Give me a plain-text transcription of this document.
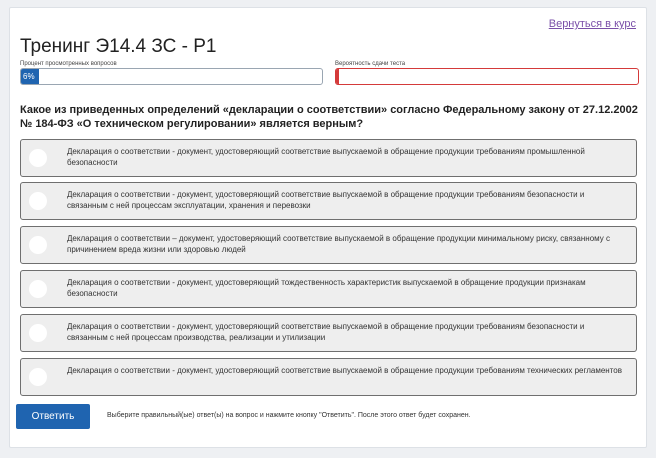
Вернуться в курс
Тренинг Э14.4 ЗС - Р1
Процент просмотренных вопросов
6%
Вероятность сдачи теста
Какое из приведенных определений «декларации о соответствии» согласно Федеральному закону от 27.12.2002 № 184-ФЗ «О техническом регулировании» является верным?
Декларация о соответствии - документ, удостоверяющий соответствие выпускаемой в обращение продукции требованиям промышленной безопасности
Декларация о соответствии - документ, удостоверяющий соответствие выпускаемой в обращение продукции требованиям безопасности и связанным с ней процессам эксплуатации, хранения и перевозки
Декларация о соответствии – документ, удостоверяющий соответствие выпускаемой в обращение продукции минимальному риску, связанному с причинением вреда жизни или здоровью людей
Декларация о соответствии - документ, удостоверяющий тождественность характеристик выпускаемой в обращение продукции признакам безопасности
Декларация о соответствии - документ, удостоверяющий соответствие выпускаемой в обращение продукции требованиям безопасности и связанным с ней процессам производства, реализации и утилизации
Декларация о соответствии - документ, удостоверяющий соответствие выпускаемой в обращение продукции требованиям технических регламентов
Ответить	Выберите правильный(ые) ответ(ы) на вопрос и нажмите кнопку "Ответить". После этого ответ будет сохранен.
